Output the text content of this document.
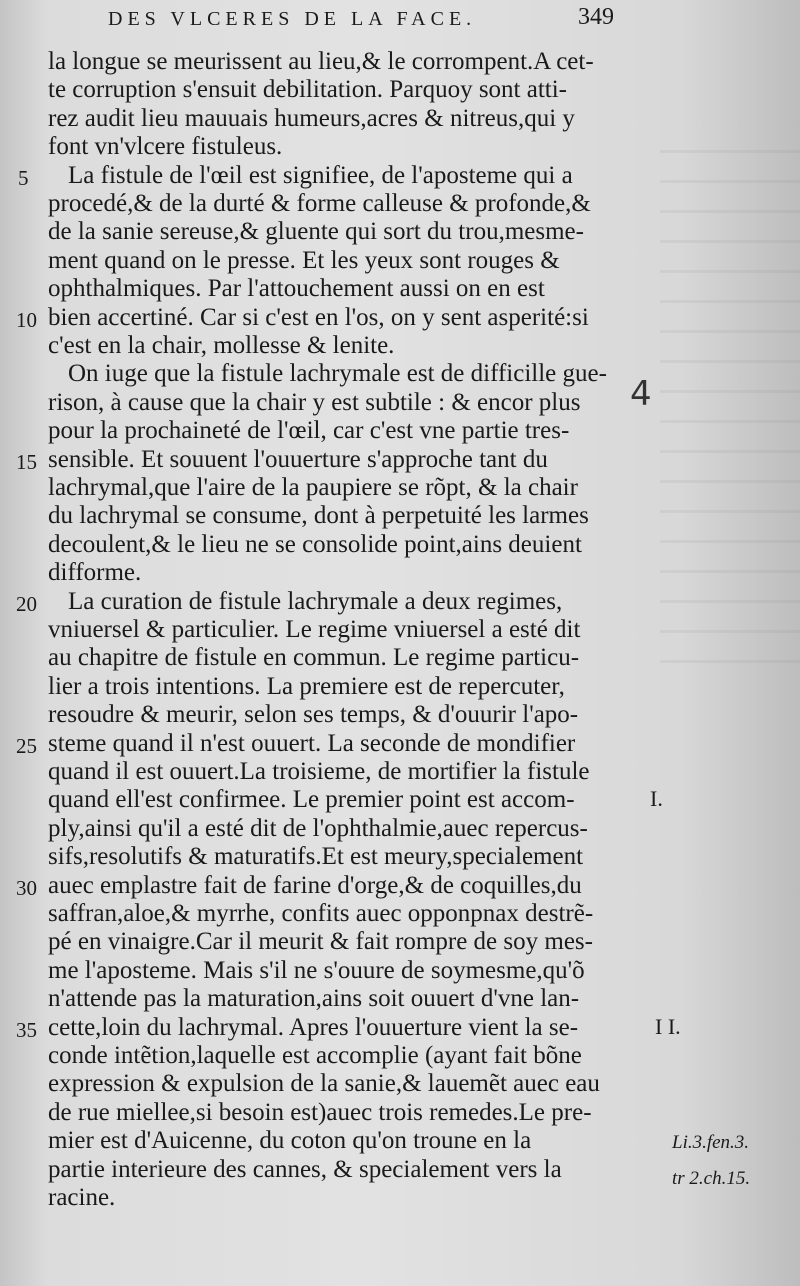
DES VLCERES DE LA FACE.	349
la longue se meurissent au lieu,& le corrompent.A cet-
te corruption s'ensuit debilitation. Parquoy sont atti-
rez audit lieu mauuais humeurs,acres & nitreus,qui y
font vn'vlcere fistuleus.
La fistule de l'œil est signifiee, de l'aposteme qui a
procedé,& de la durté & forme calleuse & profonde,&
de la sanie sereuse,& gluente qui sort du trou,mesme-
ment quand on le presse. Et les yeux sont rouges &
ophthalmiques. Par l'attouchement aussi on en est
bien accertiné. Car si c'est en l'os, on y sent asperité:si
c'est en la chair, mollesse & lenite.
On iuge que la fistule lachrymale est de difficille gue-
rison, à cause que la chair y est subtile : & encor plus
pour la prochaineté de l'œil, car c'est vne partie tres-
sensible. Et souuent l'ouuerture s'approche tant du
lachrymal,que l'aire de la paupiere se rõpt, & la chair
du lachrymal se consume, dont à perpetuité les larmes
decoulent,& le lieu ne se consolide point,ains deuient
difforme.
La curation de fistule lachrymale a deux regimes,
vniuersel & particulier. Le regime vniuersel a esté dit
au chapitre de fistule en commun. Le regime particu-
lier a trois intentions. La premiere est de repercuter,
resoudre & meurir, selon ses temps, & d'ouurir l'apo-
steme quand il n'est ouuert. La seconde de mondifier
quand il est ouuert.La troisieme, de mortifier la fistule
quand ell'est confirmee. Le premier point est accom-
ply,ainsi qu'il a esté dit de l'ophthalmie,auec repercus-
sifs,resolutifs & maturatifs.Et est meury,specialement
auec emplastre fait de farine d'orge,& de coquilles,du
saffran,aloe,& myrrhe, confits auec opponpnax destrẽ-
pé en vinaigre.Car il meurit & fait rompre de soy mes-
me l'aposteme. Mais s'il ne s'ouure de soymesme,qu'õ
n'attende pas la maturation,ains soit ouuert d'vne lan-
cette,loin du lachrymal. Apres l'ouuerture vient la se-
conde intẽtion,laquelle est accomplie (ayant fait bõne
expression & expulsion de la sanie,& lauemẽt auec eau
de rue miellee,si besoin est)auec trois remedes.Le pre-
mier est d'Auicenne, du coton qu'on troune en la
partie interieure des cannes, & specialement vers la
racine.
5
10
15
20
25
30
35
I.
I I.
Li.3.fen.3.
tr 2.ch.15.
4
